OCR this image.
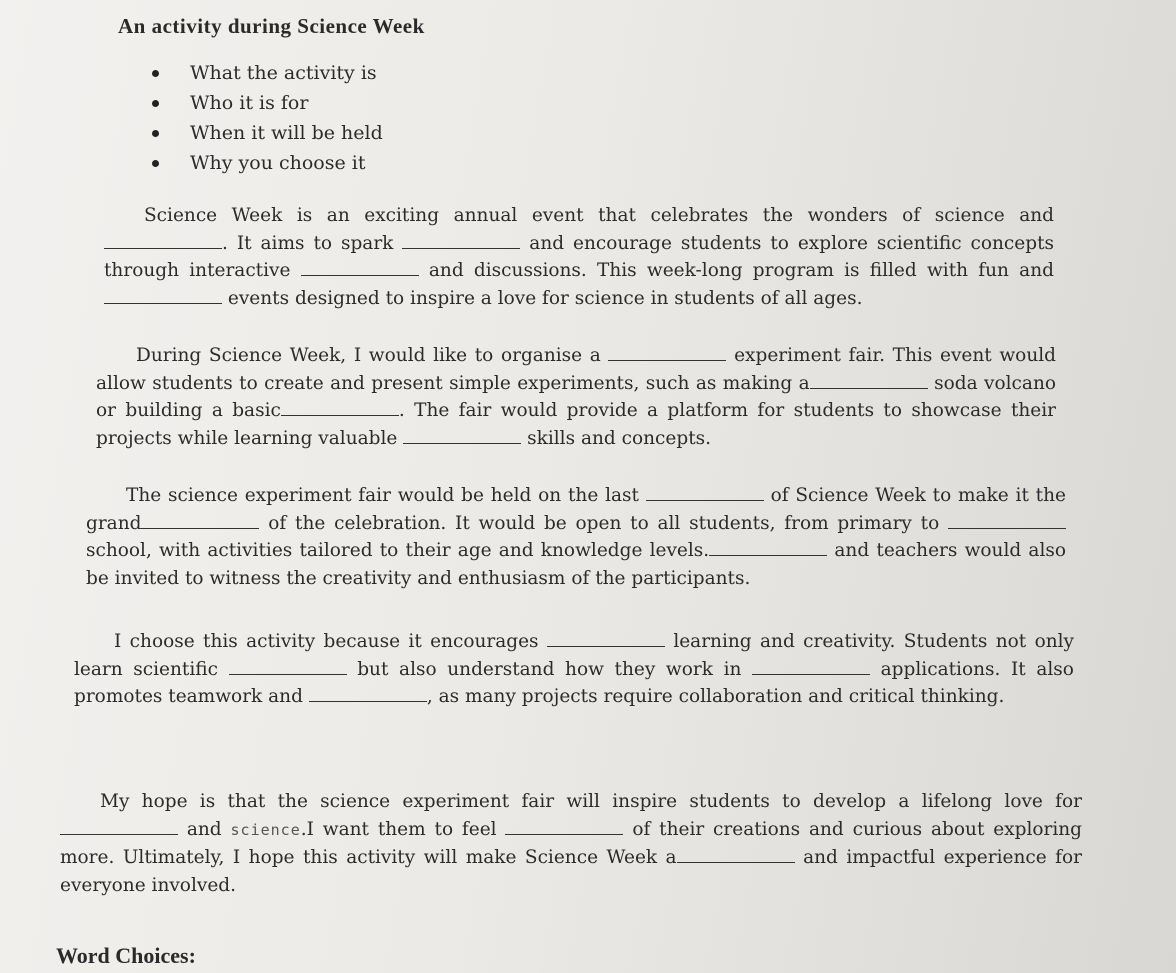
An activity during Science Week
What the activity is
Who it is for
When it will be held
Why you choose it

Science Week is an exciting annual event that celebrates the wonders of science and . It aims to spark	and encourage students to explore scientific concepts through interactive	and discussions. This week-long program is filled with fun and  events designed to inspire a love for science in students of all ages.

During Science Week, I would like to organise a	experiment fair. This event would allow students to create and present simple experiments, such as making a	soda volcano or building a basic	. The fair would provide a platform for students to showcase their projects while learning valuable	skills and concepts.

The science experiment fair would be held on the last	of Science Week to make it the grand	of the celebration. It would be open to all students, from primary to  school, with activities tailored to their age and knowledge levels.	and teachers would also be invited to witness the creativity and enthusiasm of the participants.

I choose this activity because it encourages	learning and creativity. Students not only learn scientific	but also understand how they work in	applications. It also promotes teamwork and	, as many projects require collaboration and critical thinking.

My hope is that the science experiment fair will inspire students to develop a lifelong love for  and science.I want them to feel	of their creations and curious about exploring more. Ultimately, I hope this activity will make Science Week a	and impactful experience for everyone involved.

Word Choices:
